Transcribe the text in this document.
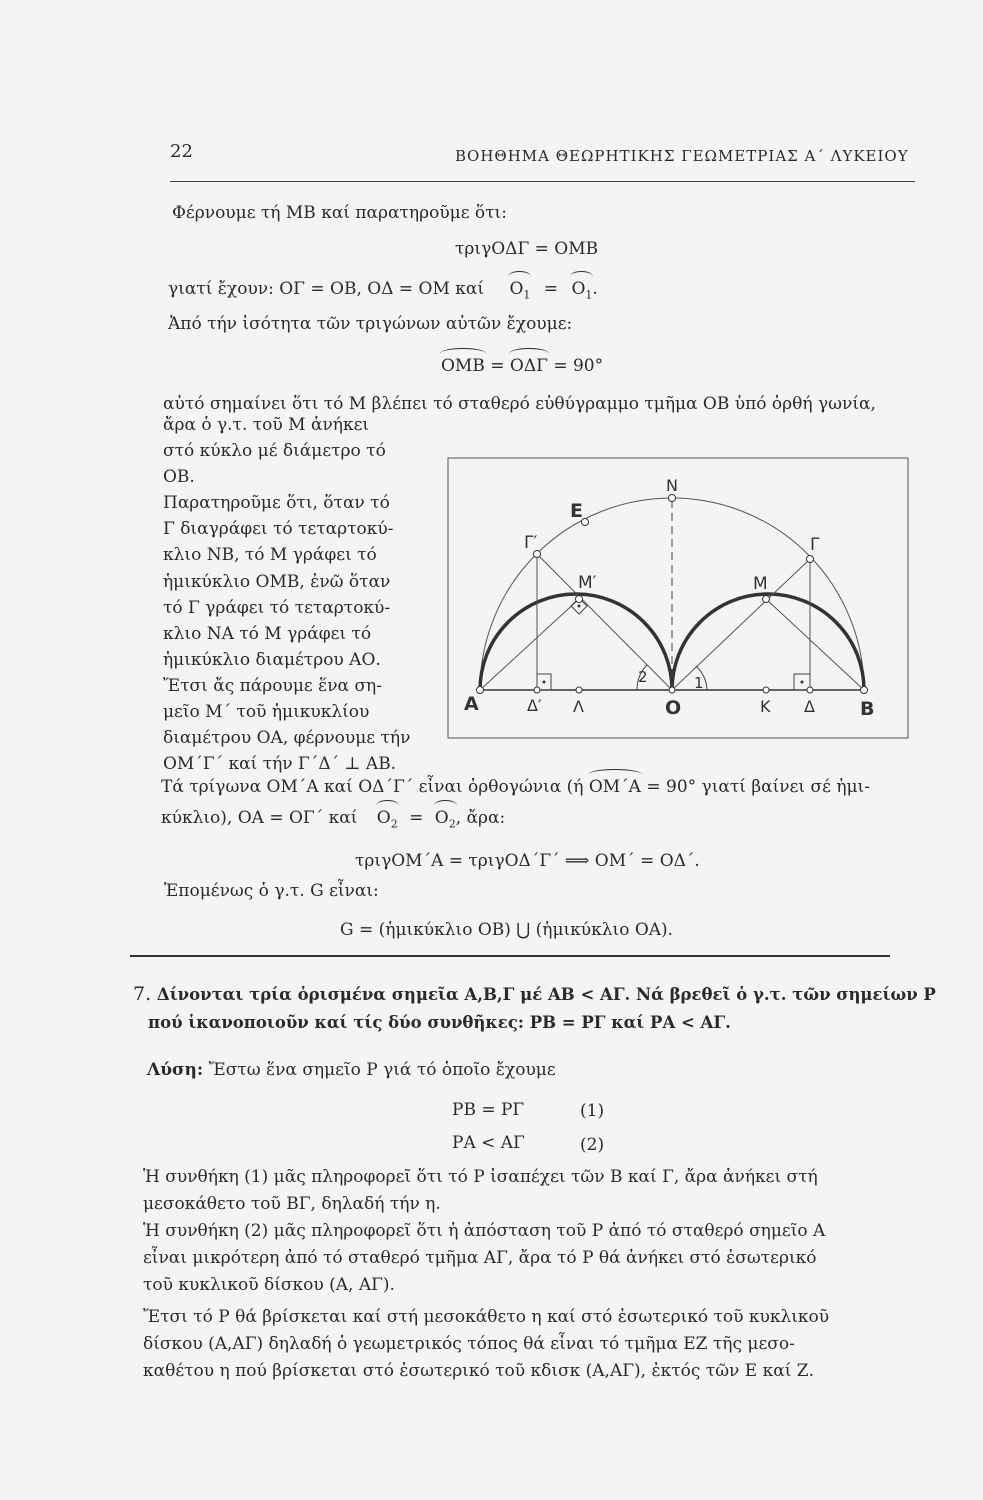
22	ΒΟΗΘΗΜΑ ΘΕΩΡΗΤΙΚΗΣ ΓΕΩΜΕΤΡΙΑΣ Α΄ ΛΥΚΕΙΟΥ
Φέρνουμε τή ΜΒ καί παρατηροῦμε ὅτι:
τριγΟΔΓ = ΟΜΒ
γιατί ἔχουν: ΟΓ = ΟΒ, ΟΔ = ΟΜ καί $O_1 = O_1$.
Ἀπό τήν ἰσότητα τῶν τριγώνων αὐτῶν ἔχουμε:
ΟΜΒ = ΟΔΓ = 90°
αὐτό σημαίνει ὅτι τό Μ βλέπει τό σταθερό εὐθύγραμμο τμῆμα ΟΒ ὑπό ὀρθή γωνία,
ἄρα ὁ γ.τ. τοῦ Μ ἀνήκει
στό κύκλο μέ διάμετρο τό
ΟΒ.
Παρατηροῦμε ὅτι, ὅταν τό
Γ διαγράφει τό τεταρτοκύ-
κλιο ΝΒ, τό Μ γράφει τό
ἡμικύκλιο ΟΜΒ, ἐνῶ ὅταν
τό Γ γράφει τό τεταρτοκύ-
κλιο ΝΑ τό Μ γράφει τό
ἡμικύκλιο διαμέτρου ΑΟ.
Ἔτσι ἄς πάρουμε ἕνα ση-
μεῖο Μ΄ τοῦ ἡμικυκλίου
διαμέτρου ΟΑ, φέρνουμε τήν
ΟΜ΄Γ΄ καί τήν Γ΄Δ΄ ⊥ ΑΒ.
N
E
Γ′	Γ
M′	M
A	Δ′ Λ	O	K Δ B
2	1
Τά τρίγωνα ΟΜ΄Α καί ΟΔ΄Γ΄ εἶναι ὀρθογώνια (ή ΟΜ΄Α = 90° γιατί βαίνει σέ ἡμι-
κύκλιο), ΟΑ = ΟΓ΄ καί $O_2 = O_2$, ἄρα:
τριγΟΜ΄Α = τριγΟΔ΄Γ΄ ⟹ ΟΜ΄ = ΟΔ΄.
Ἑπομένως ὁ γ.τ. G εἶναι:
G = (ἡμικύκλιο ΟΒ) ⋃ (ἡμικύκλιο ΟΑ).
7. Δίνονται τρία ὁρισμένα σημεῖα Α,Β,Γ μέ ΑΒ < ΑΓ. Νά βρεθεῖ ὁ γ.τ. τῶν σημείων Ρ
πού ἱκανοποιοῦν καί τίς δύο συνθῆκες: ΡΒ = ΡΓ καί ΡΑ < ΑΓ.
Λύση: Ἔστω ἕνα σημεῖο Ρ γιά τό ὁποῖο ἔχουμε
ΡΒ = ΡΓ	(1)
ΡΑ < ΑΓ	(2)
Ἡ συνθήκη (1) μᾶς πληροφορεῖ ὅτι τό Ρ ἰσαπέχει τῶν Β καί Γ, ἄρα ἀνήκει στή
μεσοκάθετο τοῦ ΒΓ, δηλαδή τήν η.
Ἡ συνθήκη (2) μᾶς πληροφορεῖ ὅτι ἡ ἀπόσταση τοῦ Ρ ἀπό τό σταθερό σημεῖο Α
εἶναι μικρότερη ἀπό τό σταθερό τμῆμα ΑΓ, ἄρα τό Ρ θά ἀνήκει στό ἐσωτερικό
τοῦ κυκλικοῦ δίσκου (Α, ΑΓ).
Ἔτσι τό Ρ θά βρίσκεται καί στή μεσοκάθετο η καί στό ἐσωτερικό τοῦ κυκλικοῦ
δίσκου (Α,ΑΓ) δηλαδή ὁ γεωμετρικός τόπος θά εἶναι τό τμῆμα ΕΖ τῆς μεσο-
καθέτου η πού βρίσκεται στό ἐσωτερικό τοῦ κδισκ (Α,ΑΓ), ἐκτός τῶν Ε καί Ζ.
